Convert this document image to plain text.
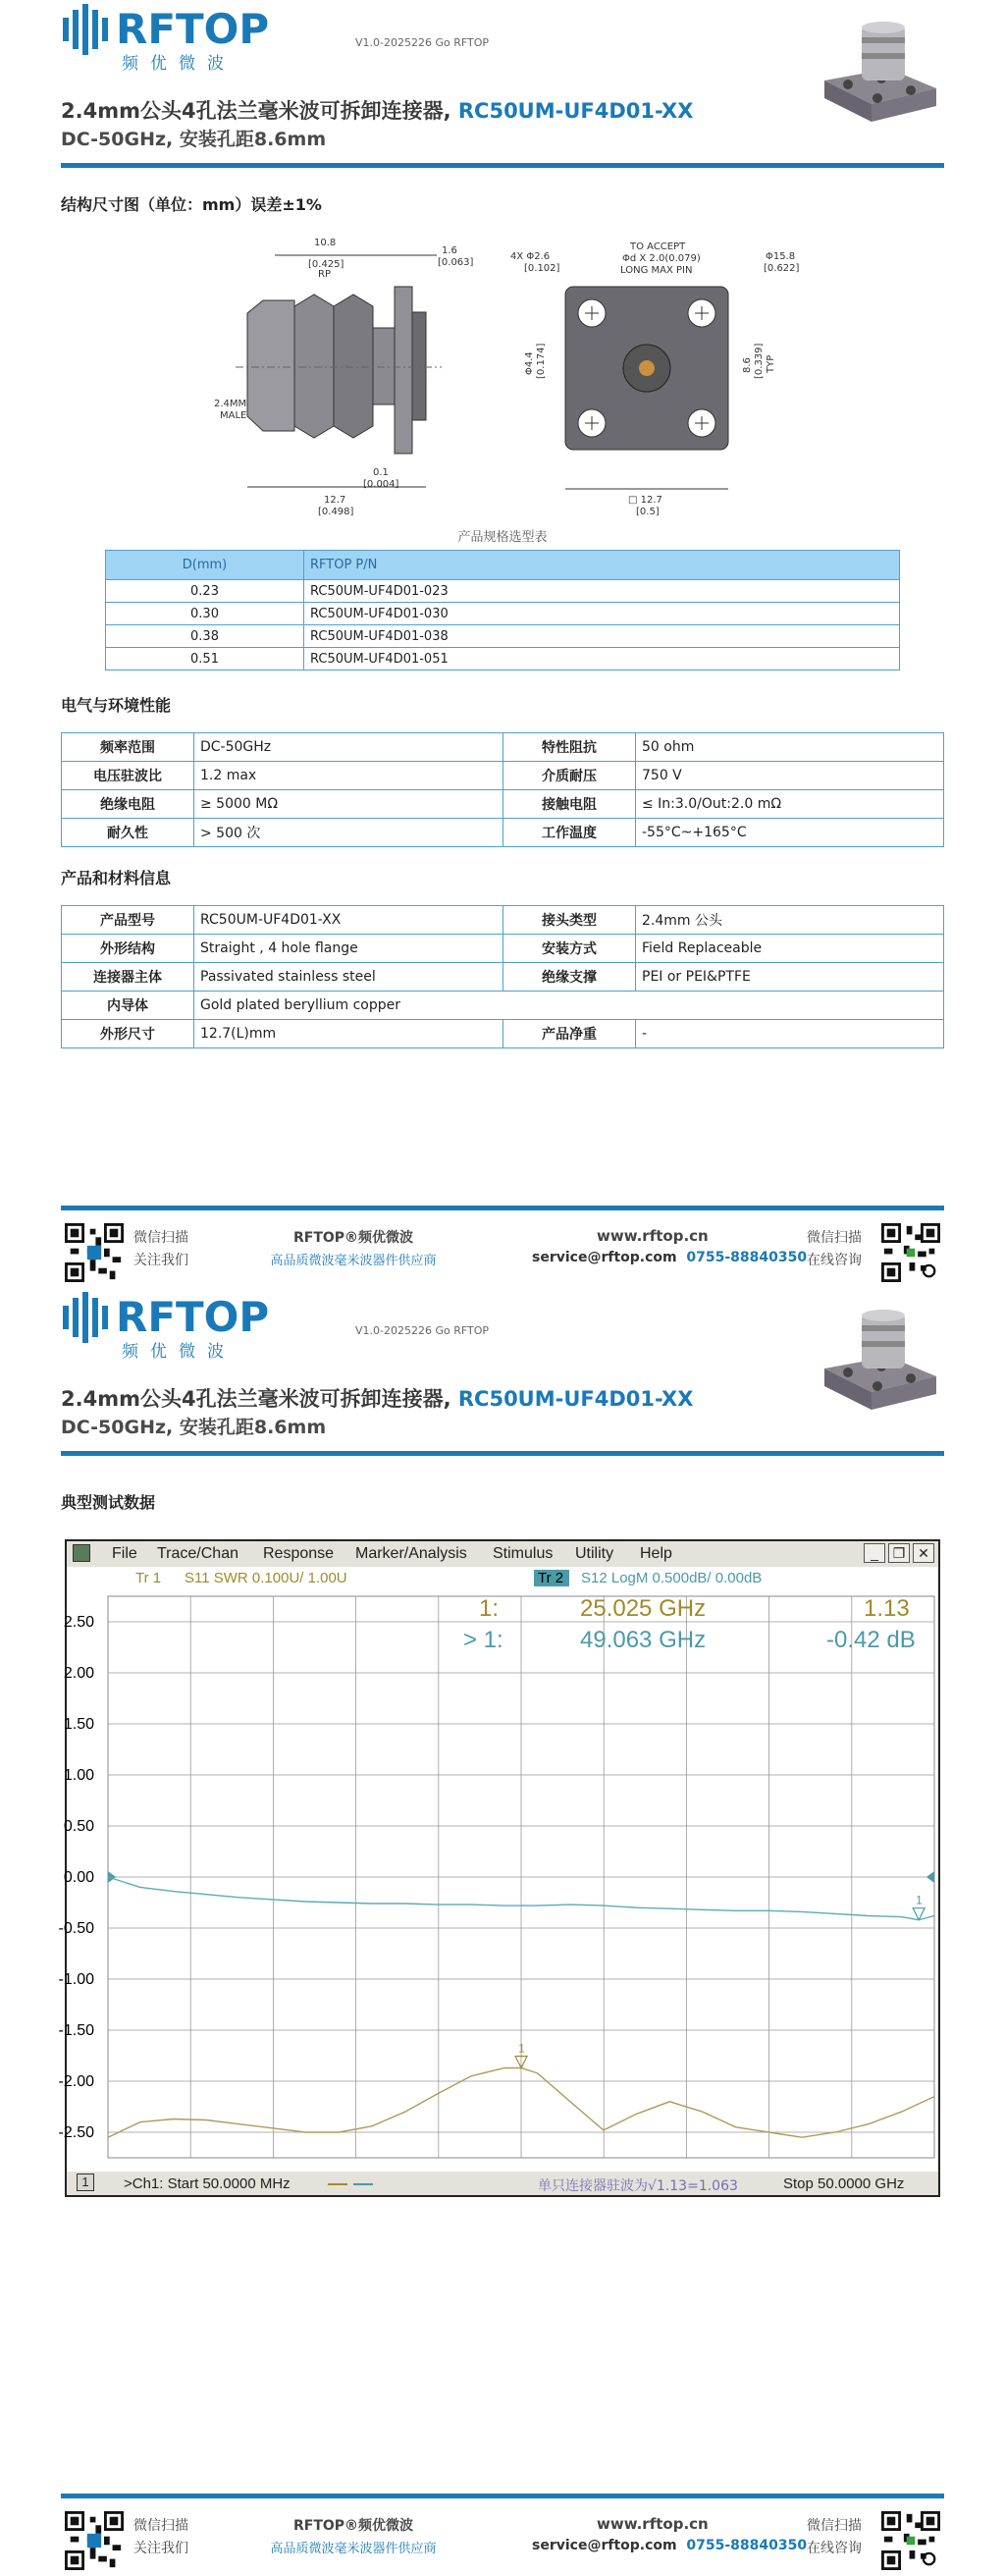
RFTOP
频优微波
V1.0-2025226 Go RFTOP
2.4mm公头4孔法兰毫米波可拆卸连接器, RC50UM-UF4D01-XX
DC-50GHz, 安装孔距8.6mm
结构尺寸图（单位：mm）误差±1%
10.8
[0.425]
RP
1.6
[0.063]
2.4MM
MALE
0.1
[0.004]
12.7
[0.498]
4X Φ2.6
[0.102]
TO ACCEPT
Φd X 2.0(0.079)
LONG MAX PIN
Φ15.8
[0.622]
Φ4.4 [0.174]	8.6 [0.339] TYP
□ 12.7
[0.5]
产品规格选型表
D(mm)	RFTOP P/N
0.23	RC50UM-UF4D01-023
0.30	RC50UM-UF4D01-030
0.38	RC50UM-UF4D01-038
0.51	RC50UM-UF4D01-051
电气与环境性能
频率范围	DC-50GHz	特性阻抗	50 ohm
电压驻波比	1.2 max	介质耐压	750 V
绝缘电阻	≥ 5000 MΩ	接触电阻	≤ In:3.0/Out:2.0 mΩ
耐久性	> 500 次	工作温度	-55°C~+165°C
产品和材料信息
产品型号	RC50UM-UF4D01-XX	接头类型	2.4mm 公头
外形结构	Straight , 4 hole flange	安装方式	Field Replaceable
连接器主体	Passivated stainless steel	绝缘支撑	PEI or PEI&PTFE
内导体	Gold plated beryllium copper		
外形尺寸	12.7(L)mm	产品净重	-
微信扫描
关注我们
RFTOP®频优微波
高品质微波毫米波器件供应商
www.rftop.cn
service@rftop.com 0755-88840350
微信扫描
在线咨询
RFTOP
频优微波
V1.0-2025226 Go RFTOP
2.4mm公头4孔法兰毫米波可拆卸连接器, RC50UM-UF4D01-XX
DC-50GHz, 安装孔距8.6mm
典型测试数据
微信扫描
关注我们
RFTOP®频优微波
高品质微波毫米波器件供应商
www.rftop.cn
service@rftop.com 0755-88840350
微信扫描
在线咨询
File Trace/Chan Response Marker/Analysis Stimulus Utility Help	_ ❐ ✕
Tr 1 S11 SWR 0.100U/ 1.00U	Tr 2 S12 LogM 0.500dB/ 0.00dB
2.50
2.00
1.50
1.00
0.50
0.00
-0.50
-1.00
-1.50
-2.00
-2.50
1
1
1:	25.025 GHz	1.13
> 1:	49.063 GHz	-0.42 dB
1	>Ch1: Start 50.0000 MHz	单只连接器驻波为√1.13=1.063	Stop 50.0000 GHz
